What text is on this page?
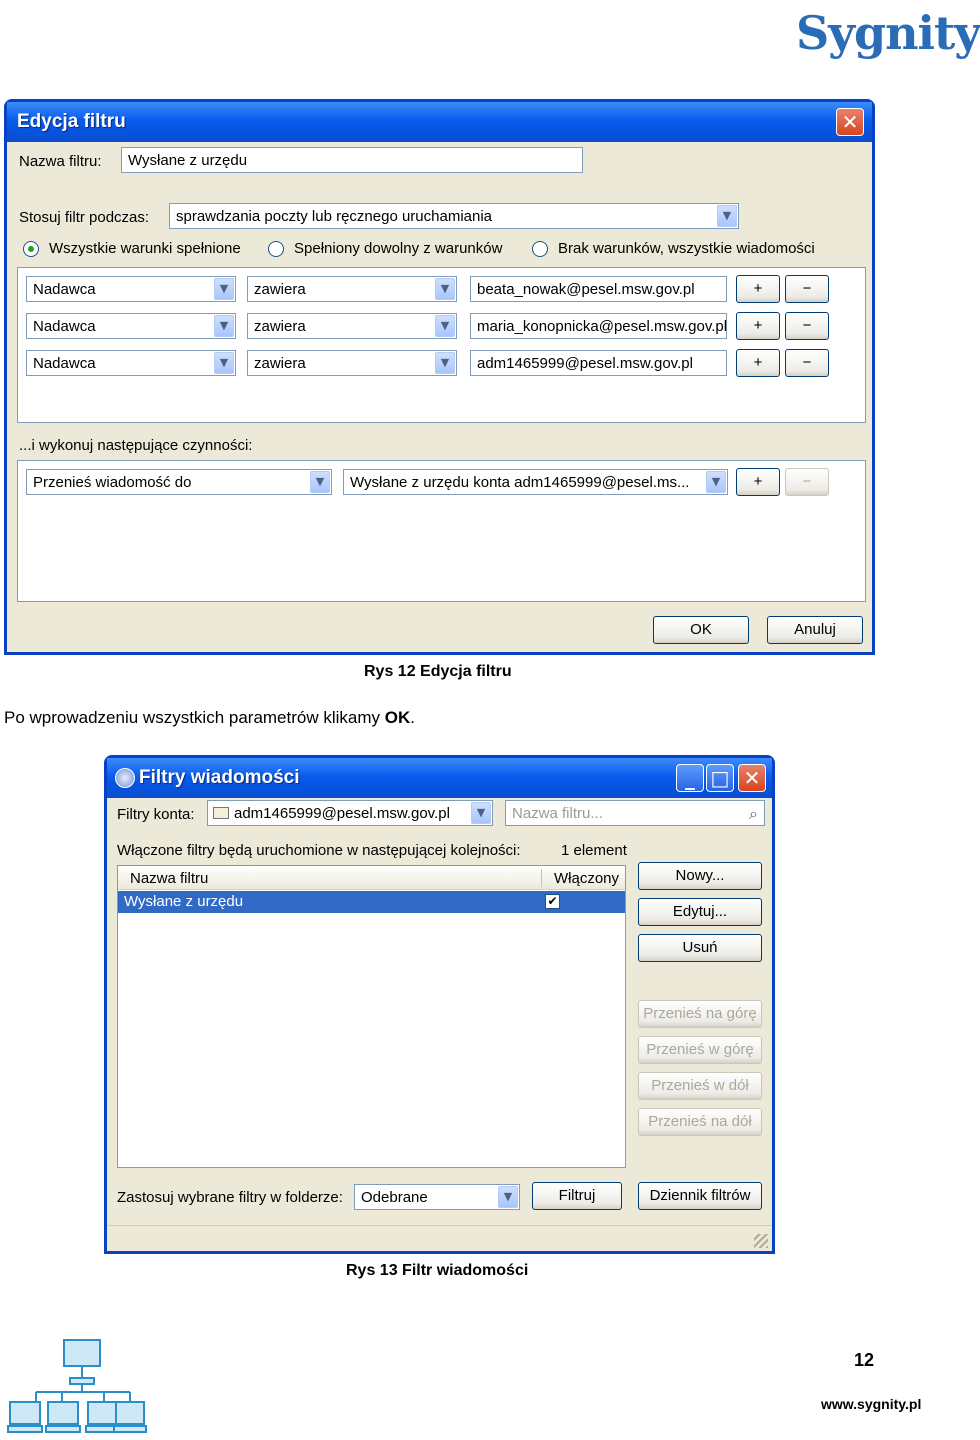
Sygnity
Edycja filtru	✕
Nazwa filtru:	Wysłane z urzędu
Stosuj filtr podczas:	sprawdzania poczty lub ręcznego uruchamiania	▼
Wszystkie warunki spełnione	Spełniony dowolny z warunków	Brak warunków, wszystkie wiadomości
Nadawca	▼	zawiera	▼	beata_nowak@pesel.msw.gov.pl	+	−
Nadawca	▼	zawiera	▼	maria_konopnicka@pesel.msw.gov.pl	+	−
Nadawca	▼	zawiera	▼	adm1465999@pesel.msw.gov.pl	+	−
...i wykonuj następujące czynności:
Przenieś wiadomość do	▼	Wysłane z urzędu konta adm1465999@pesel.ms...	▼	+	−
OK	Anuluj
Rys 12 Edycja filtru
Po wprowadzeniu wszystkich parametrów klikamy OK.
Filtry wiadomości	_ □ ✕
Filtry konta:	adm1465999@pesel.msw.gov.pl	▼	Nazwa filtru...	⌕
Włączone filtry będą uruchomione w następującej kolejności:	1 element
Nazwa filtru	Włączony
Wysłane z urzędu	✔
Nowy...
Edytuj...
Usuń
Przenieś na górę
Przenieś w górę
Przenieś w dół
Przenieś na dół
Zastosuj wybrane filtry w folderze:	Odebrane	▼	Filtruj	Dziennik filtrów
Rys 13 Filtr wiadomości
12
www.sygnity.pl
